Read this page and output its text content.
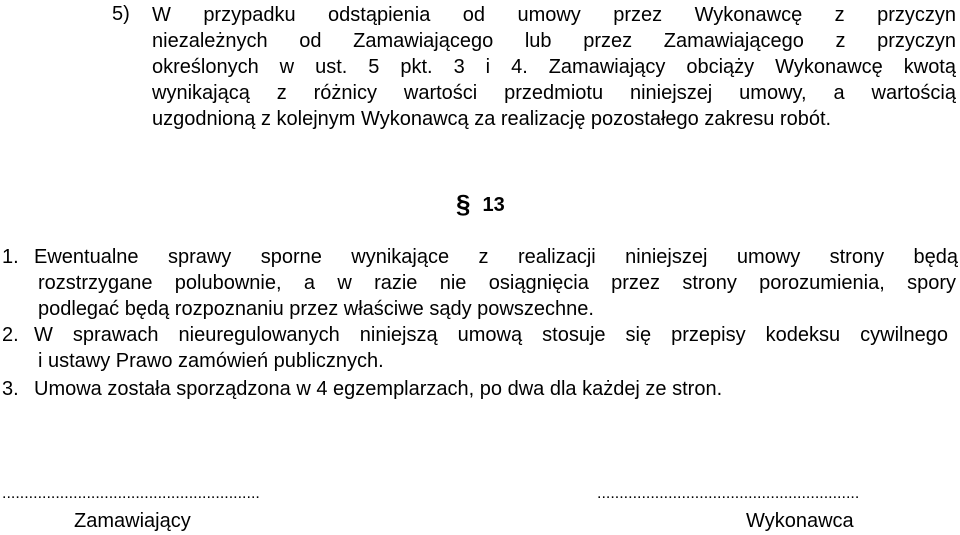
5) W przypadku odstąpienia od umowy przez Wykonawcę z przyczyn
niezależnych od Zamawiającego lub przez Zamawiającego z przyczyn
określonych w ust. 5 pkt. 3 i 4. Zamawiający obciąży Wykonawcę kwotą
wynikającą z różnicy wartości przedmiotu niniejszej umowy, a wartością
uzgodnioną z kolejnym Wykonawcą za realizację pozostałego zakresu robót.
§ 13
1. Ewentualne sprawy sporne wynikające z realizacji niniejszej umowy strony będą
rozstrzygane polubownie, a w razie nie osiągnięcia przez strony porozumienia, spory
podlegać będą rozpoznaniu przez właściwe sądy powszechne.
2. W sprawach nieuregulowanych niniejszą umową stosuje się przepisy kodeksu cywilnego
i ustawy Prawo zamówień publicznych.
3. Umowa została sporządzona w 4 egzemplarzach, po dwa dla każdej ze stron.
..........................................................
Zamawiający
...........................................................
Wykonawca
